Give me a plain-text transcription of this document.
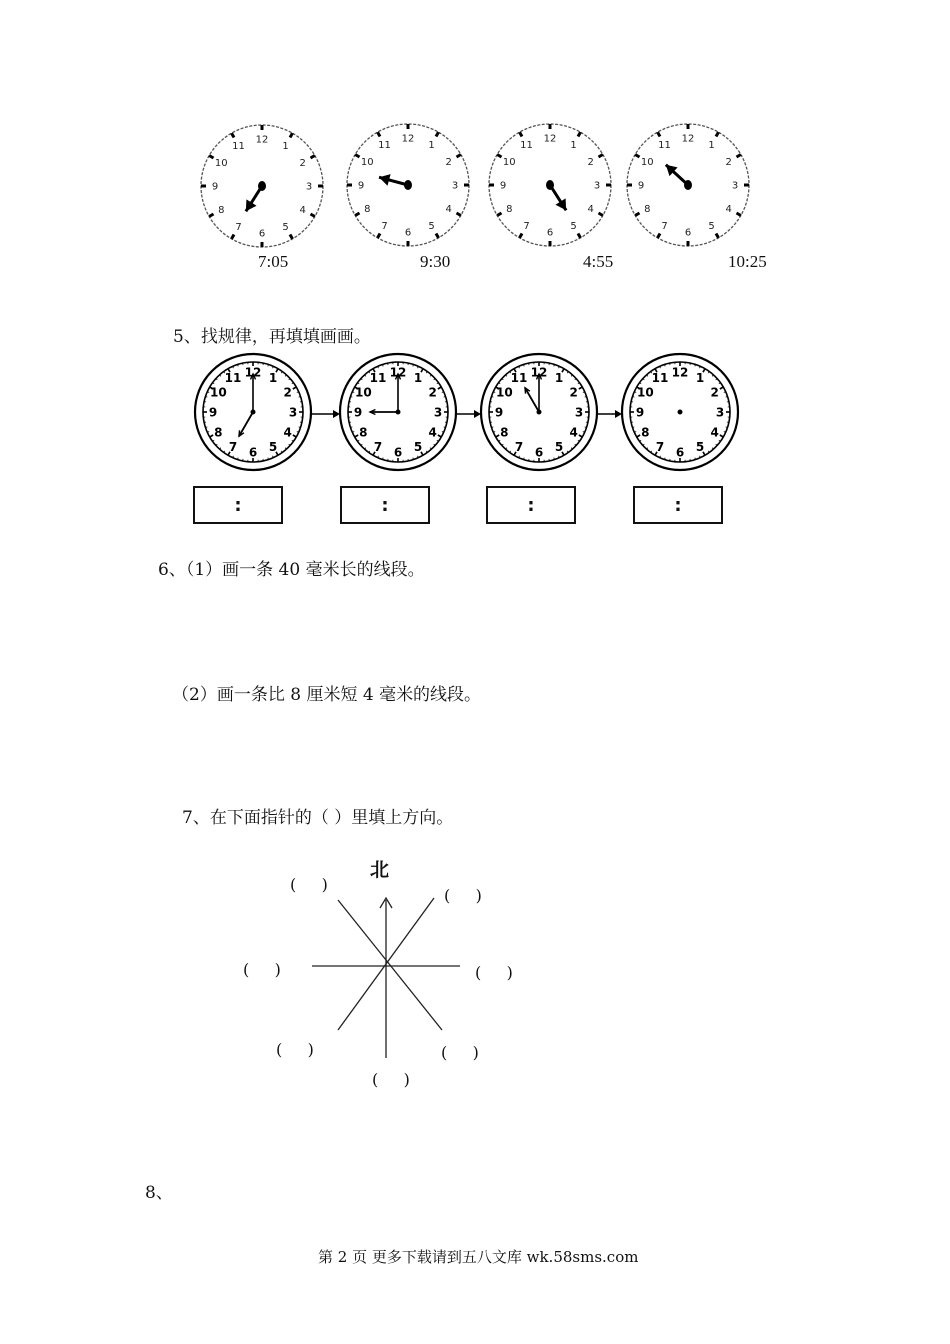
1
2
3
4
5
6
7
8
9
10
11
12	1
2
3
4
5
6
7
8
9
10
11
12
1
2
3
4
5
6
7
8
9
10
11
12
1
2
3
4
5
6
7
8
9
10
11
12
7:05	9:30	4:55	10:25
5、找规律，再填填画画。
1
2
3
4
5
6
7
8
9
10
11 12	1
2
3
4
5
6
7
8
9
10
11 12	1
2
3
4
5
6
7
8
9
10
11 12	1
2
3
4
5
6
7
8
9
10
11 12
:	:	:	:
6、（1）画一条 40 毫米长的线段。
（2）画一条比 8 厘米短 4 毫米的线段。
7、在下面指针的（ ）里填上方向。
北
(     )
(     )
(     )	(     )
(     )	(     )
(     )
8、
第 2 页 更多下载请到五八文库 wk.58sms.com
